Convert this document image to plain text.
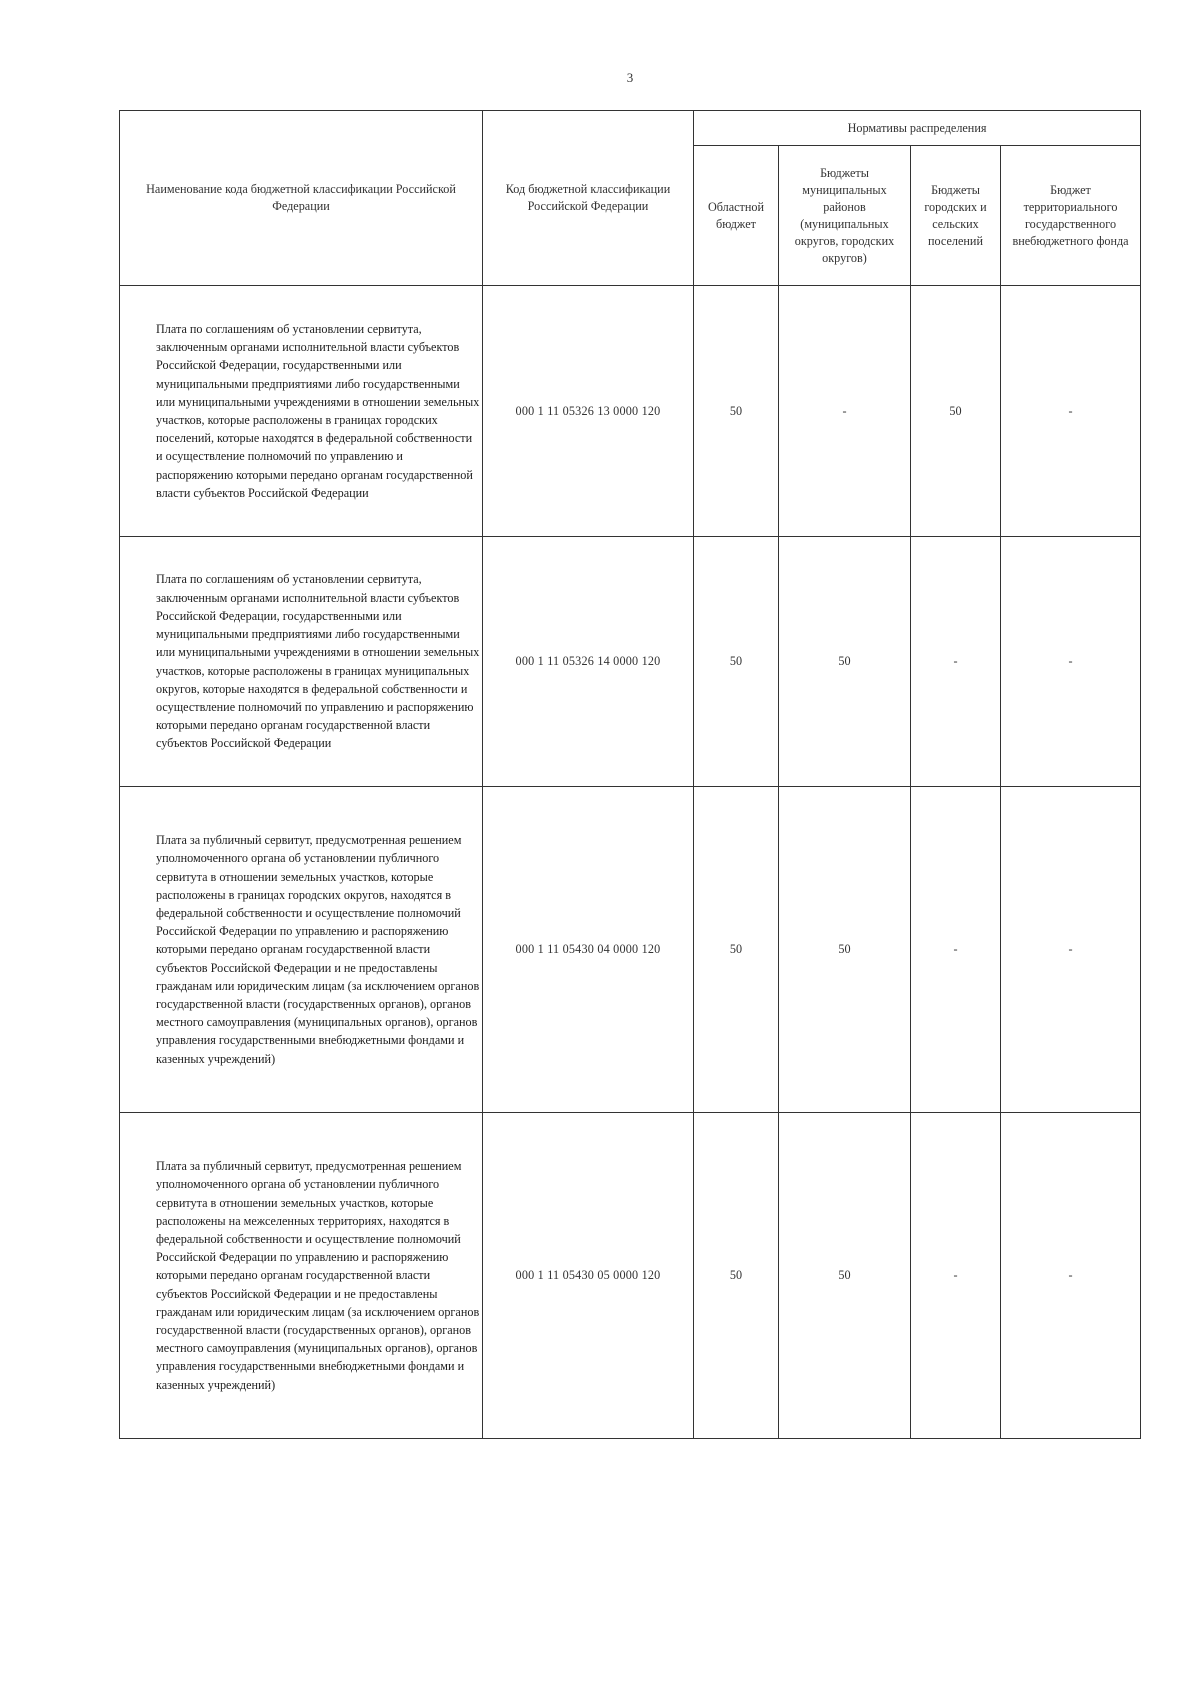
3
Наименование кода бюджетной классификации Российской Федерации	Код бюджетной классификации Российской Федерации	Нормативы распределения			
		Областной бюджет	Бюджеты муниципальных районов (муниципальных округов, городских округов)	Бюджеты городских и сельских поселений	Бюджет территориального государственного внебюджетного фонда
Плата по соглашениям об установлении сервитута, заключенным органами исполнительной власти субъектов Российской Федерации, государственными или муниципальными предприятиями либо государственными или муниципальными учреждениями в отношении земельных участков, которые расположены в границах городских поселений, которые находятся в федеральной собственности и осуществление полномочий по управлению и распоряжению которыми передано органам государственной власти субъектов Российской Федерации	000 1 11 05326 13 0000 120	50	-	50	-
Плата по соглашениям об установлении сервитута, заключенным органами исполнительной власти субъектов Российской Федерации, государственными или муниципальными предприятиями либо государственными или муниципальными учреждениями в отношении земельных участков, которые расположены в границах муниципальных округов, которые находятся в федеральной собственности и осуществление полномочий по управлению и распоряжению которыми передано органам государственной власти субъектов Российской Федерации	000 1 11 05326 14 0000 120	50	50	-	-
Плата за публичный сервитут, предусмотренная решением уполномоченного органа об установлении публичного сервитута в отношении земельных участков, которые расположены в границах городских округов, находятся в федеральной собственности и осуществление полномочий Российской Федерации по управлению и распоряжению которыми передано органам государственной власти субъектов Российской Федерации и не предоставлены гражданам или юридическим лицам (за исключением органов государственной власти (государственных органов), органов местного самоуправления (муниципальных органов), органов управления государственными внебюджетными фондами и казенных учреждений)	000 1 11 05430 04 0000 120	50	50	-	-
Плата за публичный сервитут, предусмотренная решением уполномоченного органа об установлении публичного сервитута в отношении земельных участков, которые расположены на межселенных территориях, находятся в федеральной собственности и осуществление полномочий Российской Федерации по управлению и распоряжению которыми передано органам государственной власти субъектов Российской Федерации и не предоставлены гражданам или юридическим лицам (за исключением органов государственной власти (государственных органов), органов местного самоуправления (муниципальных органов), органов управления государственными внебюджетными фондами и казенных учреждений)	000 1 11 05430 05 0000 120	50	50	-	-
